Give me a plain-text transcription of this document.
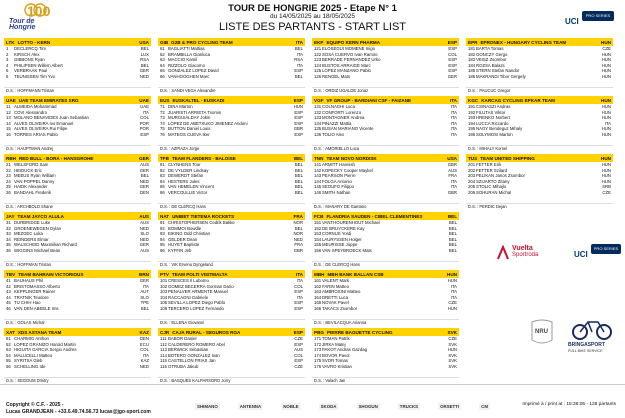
100
Tour de
Hongrie
TOUR DE HONGRIE 2025 - Etape N° 1
du 14/05/2025 au 18/05/2025
LISTE DES PARTANTS - START LIST	UCI
PRO SERIES
LTK LOTTO - KERN	USA
1	DECLERCQ Tim	BEL
2	KIRSCH Alex	LUX
3	GIBBONS Ryan	RSA
4	PHILIPSEN Willem Albert	BEL
5	VERBRAAK Paul	GER
6	TEUNISSEN Tim Yvo	NED
D.S. : HOFFMANN Tristan
GIB G2B & PRO CYCLING TEAM	ITA
61 BAGLIATTI Mattias	BEL
62 BRAMBILLA Gianluca	ITA
63 MACCIO Kamil	RSA
64 RIZZOLO Giacomo	ITA
65 GONZALEZ LOPEZ David	ESP
66 VANHOOGHEN Marc	BEL
D.S. : SANDI VEGA Alexandre
EKP EQUIPO KERN PHARMA	ESP
121 ELOSEGUI MOMENE Inigo	ESP
122 SOSA CUERVO Ivan Ramiro	COL
123 BERRADE FERNANDEZ Urko	ESP
124 BUSTOS ARRAIGE Marc	ESP
125 LOPEZ MANZANO Pablo	ESP
126 RENGEL Mats	GER
D.S. : ORDIZ UGALDE Jonaz
EPR EPRONEX - HUNGARY CYCLING TEAM	HUN
181 BARTA Tomas	CZE
182 GONCZY Gergo	HUN
183 VEISZ Zsombor	HUN
184 ROZSA Balazs	HUN
185 STERN Stefan Nandor	HUN
186 MAKRANDI Tibor Gergely	HUN
D.S. : PAUCUC Gregor
UAE UAE TEAM EMIRATES XRG	UAE
11 ALMEIDA Mohammad	UAE
12 COVI Alessandro	ITA
13 MOLANO BENAVIDES Juan Sebastian	COL
14 ALVES OLIVEIRA Ivo Emanuel	POR
15 ALVES OLIVEIRA Rui Filipe	POR
16 TORRES ARIAS Pablo	ESP
D.S. : HAUPTMAN Andrej
EUS EUSKALTEL - EUSKADI	ESP
71 DINA Marton	HUN
72 JUARISTI ARRIETA Txomin	ESP
73 MURGUIALDAY Jokin	ESP
74 LOPEZ DE ABETXUKO JIMENEZ Andoni	ESP
75 BUTTON Daniel Louis	GBR
76 MATEOS CUEVA Iker	ESP
D.S. : AZPIAZA Jorge
VGF VF GROUP - BARDIANI CSF - FAIZANE	ITA
131 COLNAGHI Luca	ITA
132 CONFORTI Lorenzo	ITA
133 MONTAGNER Andrea	ITA
134 PINAZZI Mattia	ITA
135 BUSAN MARIANO Vicente	ITA
136 TOLIO Alex	ITA
D.S. : AMORIELLO Luca
KGC KARCAG CYCLING EPKAR TEAM	HUN
191 CSINASZI Andras	HUN
192 FILUTAS Viktor	HUN
193 HRENKO Norbert	HUN
194 LUCCA Riccardo	ITA
195 NAGY Bendeguz Mihaly	HUN
196 SOLYMOSI Marton	HUN
D.S. : MIHALY Kornel
RBH RED BULL - BORA - HANSGROHE	GER
21 WELSFORD Sam	AUS
22 HEIDUCK Eric	GER
23 MEEUS Ryan William	BEL
24 VAN POPPEL Danny	NED
25 HAIDK Alexander	GER
26 BANDAHL Frederik	DEN
D.S. : ARCHBOLD Shane
TFB TEAM FLANDERS - BALOISE	BEL
81 CLYNHENS Tour	BEL
82 DE VYLDER Lindsay	BEL
83 DEWERDT Stefan	BEL
84 HESTERS Jules	BEL
85 VAN HEMELEN Vincent	BEL
86 VERCOULLIE Victor	BEL
D.S. : DE CLERCQ Hans
TNN TEAM NOVO NORDISK	USA
141 ARMITT Hannish	GBR
142 KOPECKY Cooper Maykel	AUS
143 PEARSON Pierre	FRA
144 FOLGA Antonio	ITA
145 SEOUFO Filippo	ITA
146 SMITH Nathan	GBR
D.S. : MANARY DE Gaetano
TUS TEAM UNITED SHIPPING	HUN
201 FETTER Erik	HUN
202 FETTER Szilard	HUN
203 PELIKAN Janos Zsombor	HUN
204 SZIJARTO Zitany	HUN
205 STOLIC Mihajlo	SRB
206 SOHURAN Michal	CZE
D.S. : PERDIC Dejan
JAY TEAM JAYCO ALULA	AUS
31 DURBRIDGE Luke	AUS
32 GROENEWEGEN Dylan	NED
33 MEZGEC Luka	SLO
34 REINDERS Elmar	NED
35 WALSCHEID Maximilian Richard	GER
36 WIGGINS Michael Bean	AUS
D.S. : HOFFMAN Tristan
NAT UNIBET TIETEMA ROCKETS	FRA
91 CHRISTOPHERSEN Cedrik Bakke	NOR
92 BOMMOI Bowdle	BEL
93 EIKING Odd Christian	NOR
94 GELDER Dean	NED
95 HUYET Baptiste	FRA
96 KYFFIN Jeb	GBR
D.S. : VIK Ervenu Dyngeland
FCB FLANDRIA SAUDEN - CIBEL CLEMENTINES	BEL
151 VANTHOURENHOUT Michael	BEL
152 DE BRUYCKERE Kay	BEL
153 CORNUS Yordi	BEL
154 LAURYSSEN Holger	BEL
155 MEURISSE Joppe	BEL
156 VAN SPEYBROECK Mats	BEL
D.S. : DE CLERCQ Hans
TBV TEAM BAHRAIN VICTORIOUS	BRN
41 BAUHAUS Phil	GER
42 BRISTOMASSO Alberto	ITA
43 KEPPLINGER Rainer	AUT
44 TRATNIK Teodore	SLO
45 TU CHIH Hao	TPE
46 VAN DEN ABEELE Ims	BEL
D.S. : GOLAS Michal
PTV TEAM POLTI VISITMALTA	ITA
101 CRESCES Il Lubomo	ITA
102 GOMEZ BECERRA Gorman Dario	COL
103 PENALVER ARMENTE Manuel	ESP
104 RACCAGNI Gabriele	ITA
105 SEVILLA LOPEZ Diego Pablo	ESP
106 TERCERO LOPEZ Fernando	ESP
D.S. : ELLENA Giovanni
MBH MBH BANK BALLAN CSB	HUN
161 VALENT Mark	HUN
162 FARIN Matteo	ITA
163 AMBROSINI Matteo	ITA
164 DRETTI Luca	ITA
165 NOVAK Pavel	CZE
166 TAKACS Zsombor	HUN
D.S. : BEVILACQUA Arianna
XAT XDS ASTANA TEAM	KAZ
51 CHARMIG Anthon	DEN
52 LOPEZ GRANIZO Harold Martin	ECU
53 HIGUITA GARCIA Sergio Andres	COL
54 MALUCELLI Matteo	ITA
55 SYRITSA Gleb	KAZ
56 SCHELLING Ide	NED
D.S. : SEGOUM Dmitry
CJR CAJA RURAL - SEGUROS RGA	ESP
111 BABOR Daniel	CZE
112 CALDERERO ROMERO Abel	ESP
113 BERWICK Sebastian	AUS
114 BOTERO GONZALEZ Ivan	COL
115 CASTELLON FRIAS Jan	ESP
116 OTRUBA Jakub	CZE
D.S. : BASQUES KALPARSORO Jorry
PBG PIERRE BAGUETTE CYCLING	SVK
171 TOMAN Patrik	CZE
172 JIRKA Matej	SVK
173 PAKOT Andras Gazdag	HUN
174 BOVOR Pavol	SVK
175 SVOR Tomas	SVK
176 VAVRO Kristian	SVK
D.S. : Valach Jan
Vuelta
Sportroda	UCI
PRO SERIES
NRU
BRINGASPORT
FULL BIKE SERVICE
Copyright © C.F. - 2025 -
Lucas GRANDJEAN - +33.6.49.74.56.73 lucas@jgo-sport.com
SHIMANO	ANTENNA	NOBLE	SKODA	SHOGUN	TRUCKS	ORSETTI	CM	Imprimé à / print at : 15:36:05 - 128 partants
